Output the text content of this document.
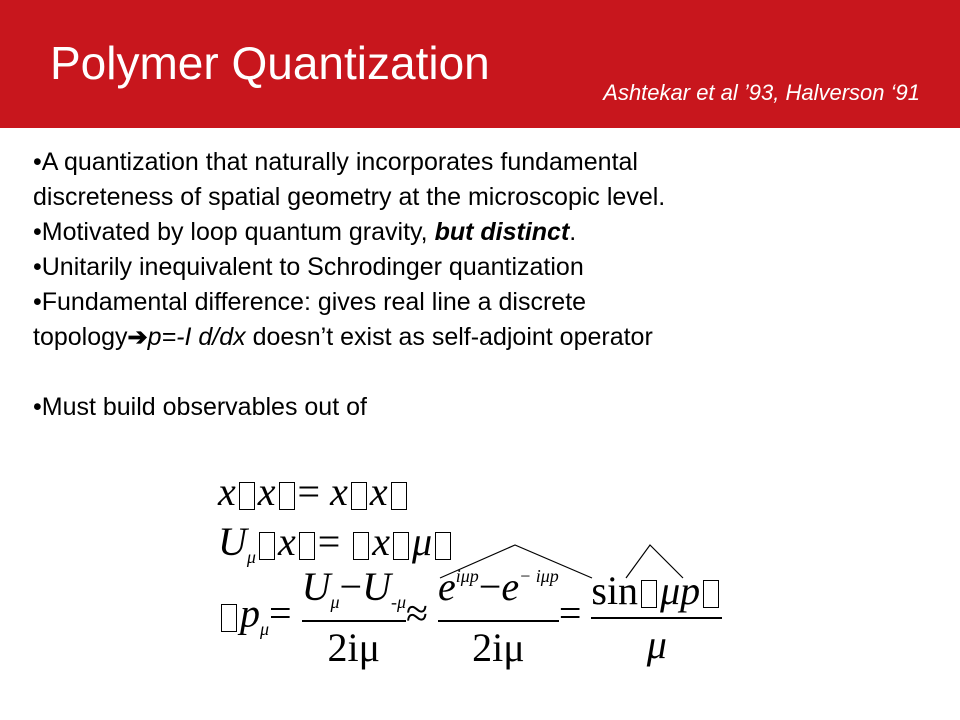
Polymer Quantization
Ashtekar et al ’93, Halverson ‘91
•A quantization that naturally incorporates fundamental
discreteness of spatial geometry at the microscopic level.
•Motivated by loop quantum gravity, but distinct.
•Unitarily inequivalent to Schrodinger quantization
•Fundamental difference: gives real line a discrete
topology➔p=-I d/dx doesn’t exist as self-adjoint operator
•Must build observables out of
x x = x x
$U_\mu$ x = x μ
$p_\mu= \frac{U_\mu-U_{-\mu}}{2i\mu} \approx \frac{e^{i\mu p}-e^{- i\mu p}}{2i\mu} = \frac{\text{sin μp}}{\mu}$
